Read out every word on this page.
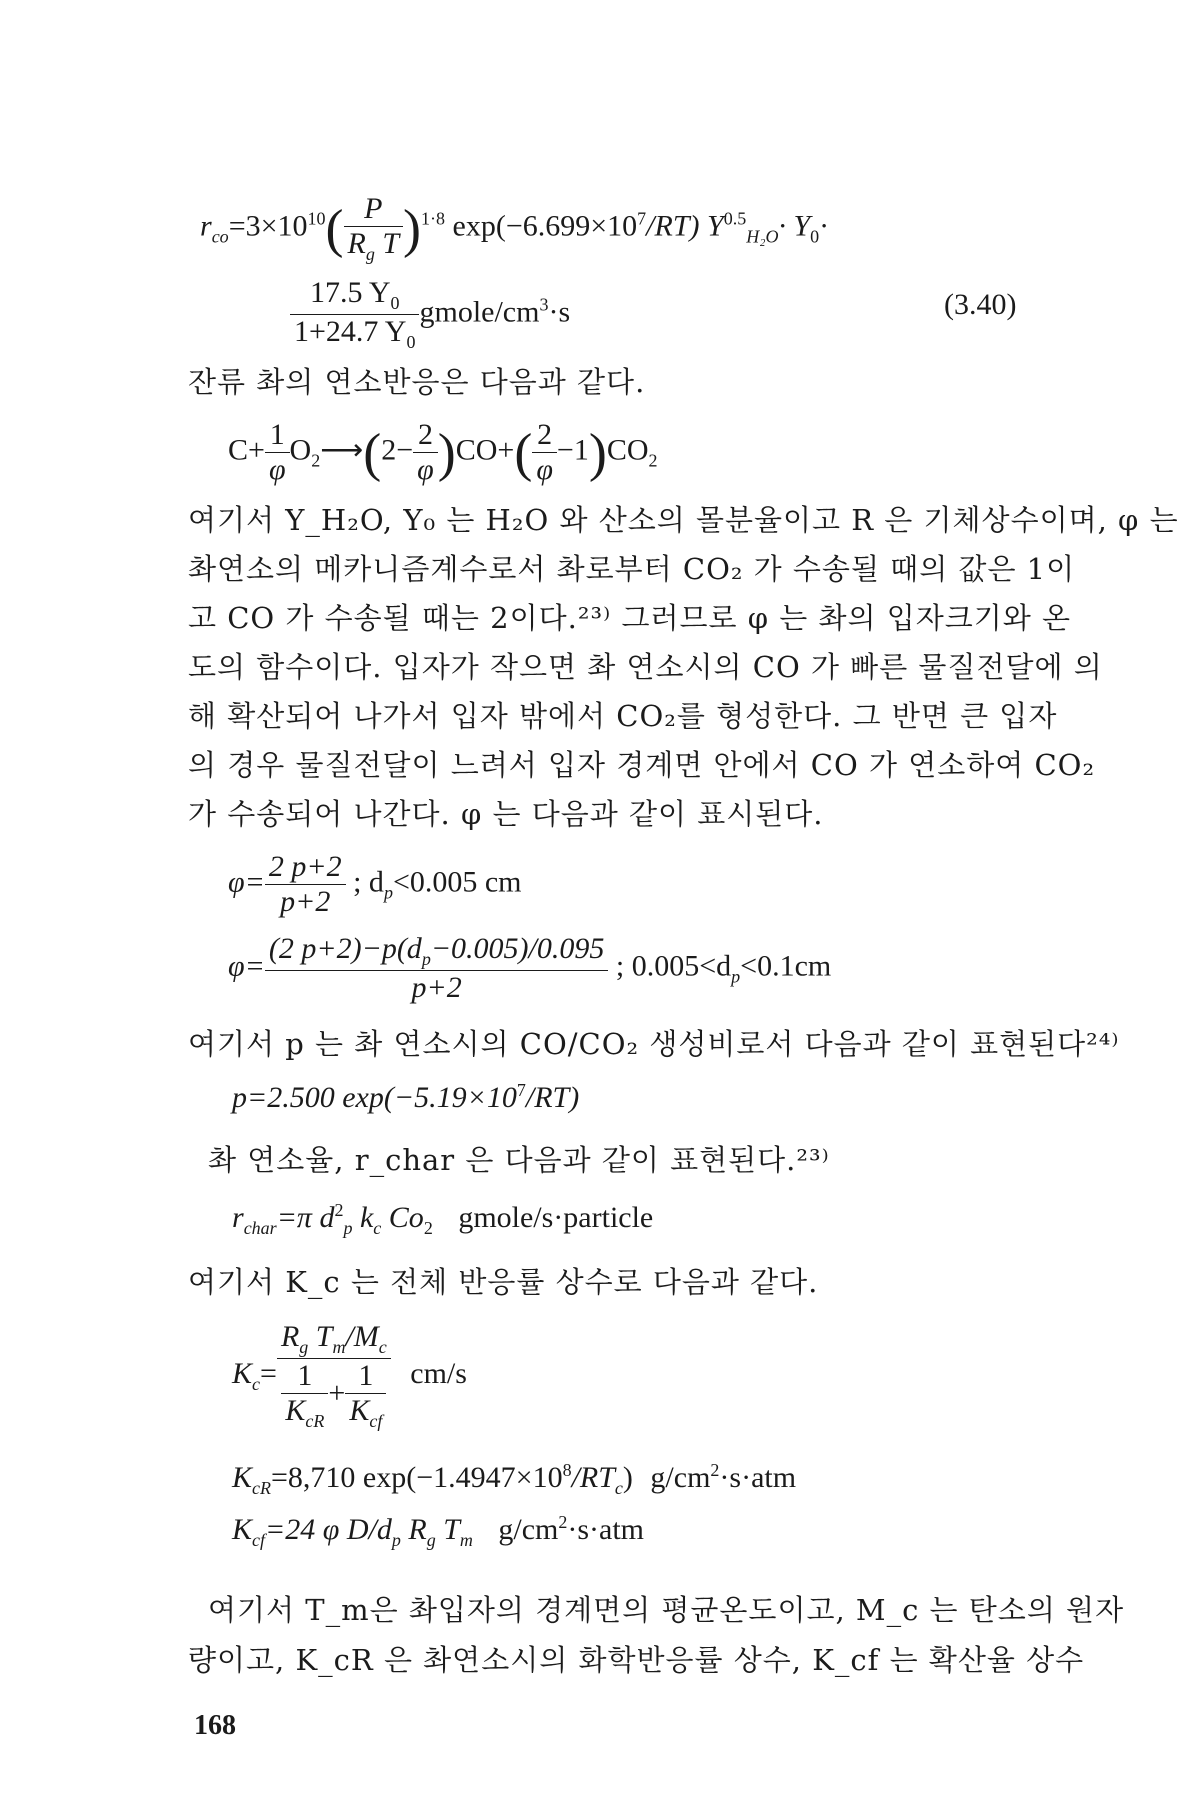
$r_{co}=3\times 10^{10}( \frac{P}{R_g T} )^{1\cdot 8}$ $\exp(-6.699\times 10^7/RT)$ $Y^{0.5}_{H_2O}\cdot Y_0\cdot$
$\frac{17.5 Y_0}{1+24.7 Y_0}$ gmole/$cm^3\cdot s$	(3.40)
잔류 촤의 연소반응은 다음과 같다.
$C+ \frac{1}{\varphi}$ $O_2⟶(2- \frac{2}{\varphi} )CO+( \frac{2}{\varphi} -1)CO_2$
여기서 Y_H₂O, Y₀ 는 H₂O 와 산소의 몰분율이고 R 은 기체상수이며, φ 는
촤연소의 메카니즘계수로서 촤로부터 CO₂ 가 수송될 때의 값은 1이
고 CO 가 수송될 때는 2이다.²³⁾ 그러므로 φ 는 촤의 입자크기와 온
도의 함수이다. 입자가 작으면 촤 연소시의 CO 가 빠른 물질전달에 의
해 확산되어 나가서 입자 밖에서 CO₂를 형성한다. 그 반면 큰 입자
의 경우 물질전달이 느려서 입자 경계면 안에서 CO 가 연소하여 CO₂
가 수송되어 나간다. φ 는 다음과 같이 표시된다.
$\varphi= \frac{2 p+2}{p+2}$ ; $d_p<0.005$ cm
$\varphi= \frac{(2 p+2)-p(d_p-0.005)/0.095}{p+2}$ ; $0.005<d_p<0.1cm$
여기서 p 는 촤 연소시의 CO/CO₂ 생성비로서 다음과 같이 표현된다²⁴⁾
p=2.500 $\exp(-5.19\times 10^7/RT)$
촤 연소율, r_char 은 다음과 같이 표현된다.²³⁾
$r_{char}=\pi$ $d^2_p$ $k_c$ $Co_2$ gmole/s·particle
여기서 K_c 는 전체 반응률 상수로 다음과 같다.
$K_c= \frac{R_g T_m/M_c}{\frac{1}{K_{cR}} + \frac{1}{K_{cf}}} cm/s$
$K_{cR}=8,710$ $\exp(-1.4947\times 10^8/RT_c)$ $g/cm^2\cdot s\cdot atm$
$K_{cf}=24$ φ $D/d_p$ $R_g$ $T_m$ $g/cm^2\cdot s\cdot atm$
여기서 T_m은 촤입자의 경계면의 평균온도이고, M_c 는 탄소의 원자
량이고, K_cR 은 촤연소시의 화학반응률 상수, K_cf 는 확산율 상수
168
